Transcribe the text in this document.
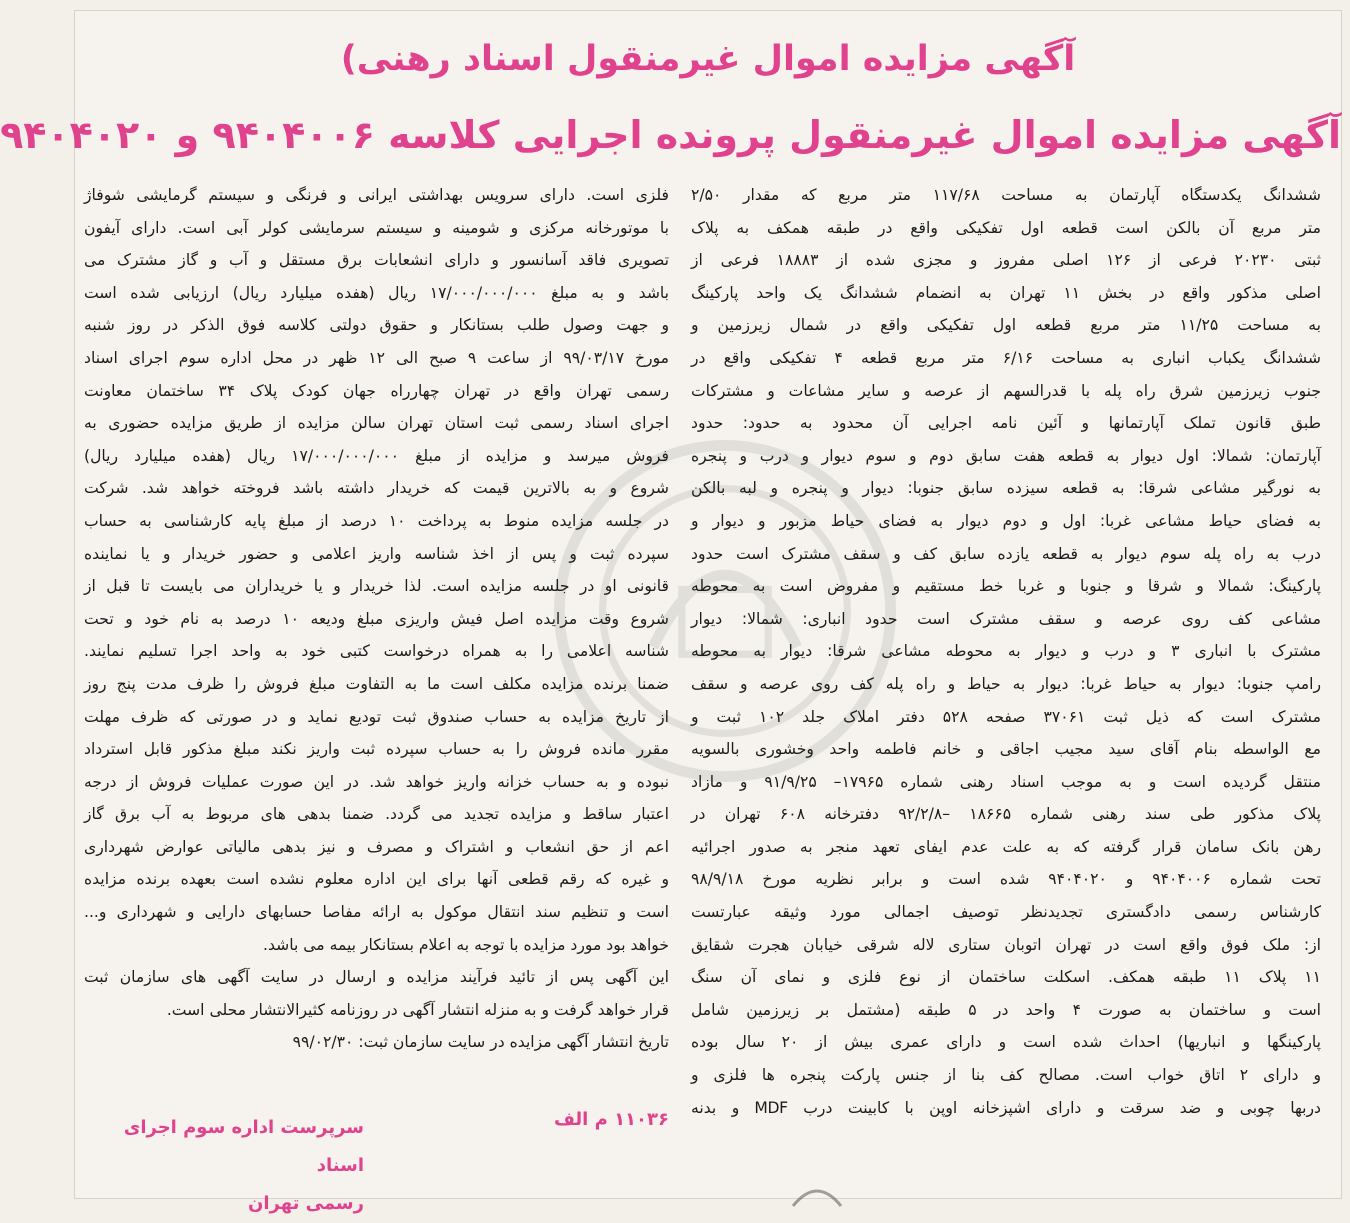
آگهی مزایده اموال غیرمنقول اسناد رهنی)
آگهی مزایده اموال غیرمنقول پرونده اجرایی کلاسه ۹۴۰۴۰۰۶ و ۹۴۰۴۰۲۰
ششدانگ یکدستگاه آپارتمان به مساحت ۱۱۷/۶۸ متر مربع که مقدار ۲/۵۰
متر مربع آن بالکن است قطعه اول تفکیکی واقع در طبقه همکف به پلاک
ثبتی ۲۰۲۳۰ فرعی از ۱۲۶ اصلی مفروز و مجزی شده از ۱۸۸۸۳ فرعی از
اصلی مذکور واقع در بخش ۱۱ تهران به انضمام ششدانگ یک واحد پارکینگ
به مساحت ۱۱/۲۵ متر مربع قطعه اول تفکیکی واقع در شمال زیرزمین و
ششدانگ یکباب انباری به مساحت ۶/۱۶ متر مربع قطعه ۴ تفکیکی واقع در
جنوب زیرزمین شرق راه پله با قدرالسهم از عرصه و سایر مشاعات و مشترکات
طبق قانون تملک آپارتمانها و آئین نامه اجرایی آن محدود به حدود: حدود
آپارتمان: شمالا: اول دیوار به قطعه هفت سابق دوم و سوم دیوار و درب و پنجره
به نورگیر مشاعی شرقا: به قطعه سیزده سابق جنوبا: دیوار و پنجره و لبه بالکن
به فضای حیاط مشاعی غربا: اول و دوم دیوار به فضای حیاط مزبور و دیوار و
درب به راه پله سوم دیوار به قطعه یازده سابق کف و سقف مشترک است حدود
پارکینگ: شمالا و شرقا و جنوبا و غربا خط مستقیم و مفروض است به محوطه
مشاعی کف روی عرصه و سقف مشترک است حدود انباری: شمالا: دیوار
مشترک با انباری ۳ و درب و دیوار به محوطه مشاعی شرقا: دیوار به محوطه
رامپ جنوبا: دیوار به حیاط غربا: دیوار به حیاط و راه پله کف روی عرصه و سقف
مشترک است که ذیل ثبت ۳۷۰۶۱ صفحه ۵۲۸ دفتر املاک جلد ۱۰۲ ثبت و
مع الواسطه بنام آقای سید مجیب اجاقی و خانم فاطمه واحد وخشوری بالسویه
منتقل گردیده است و به موجب اسناد رهنی شماره ۱۷۹۶۵– ۹۱/۹/۲۵ و مازاد
پلاک مذکور طی سند رهنی شماره ۱۸۶۶۵ –۹۲/۲/۸ دفترخانه ۶۰۸ تهران در
رهن بانک سامان قرار گرفته که به علت عدم ایفای تعهد منجر به صدور اجرائیه
تحت شماره ۹۴۰۴۰۰۶ و ۹۴۰۴۰۲۰ شده است و برابر نظریه مورخ ۹۸/۹/۱۸
کارشناس رسمی دادگستری تجدیدنظر توصیف اجمالی مورد وثیقه عبارتست
از: ملک فوق واقع است در تهران اتوبان ستاری لاله شرقی خیابان هجرت شقایق
۱۱ پلاک ۱۱ طبقه همکف. اسکلت ساختمان از نوع فلزی و نمای آن سنگ
است و ساختمان به صورت ۴ واحد در ۵ طبقه (مشتمل بر زیرزمین شامل
پارکینگها و انباریها) احداث شده است و دارای عمری بیش از ۲۰ سال بوده
و دارای ۲ اتاق خواب است. مصالح کف بنا از جنس پارکت پنجره ها فلزی و
دربها چوبی و ضد سرقت و دارای اشپزخانه اوپن با کابینت درب MDF و بدنه
فلزی است. دارای سرویس بهداشتی ایرانی و فرنگی و سیستم گرمایشی شوفاژ
با موتورخانه مرکزی و شومینه و سیستم سرمایشی کولر آبی است. دارای آیفون
تصویری فاقد آسانسور و دارای انشعابات برق مستقل و آب و گاز مشترک می
باشد و به مبلغ ۱۷/۰۰۰/۰۰۰/۰۰۰ ریال (هفده میلیارد ریال) ارزیابی شده است
و جهت وصول طلب بستانکار و حقوق دولتی کلاسه فوق الذکر در روز شنبه
مورخ ۹۹/۰۳/۱۷ از ساعت ۹ صبح الی ۱۲ ظهر در محل اداره سوم اجرای اسناد
رسمی تهران واقع در تهران چهارراه جهان کودک پلاک ۳۴ ساختمان معاونت
اجرای اسناد رسمی ثبت استان تهران سالن مزایده از طریق مزایده حضوری به
فروش میرسد و مزایده از مبلغ ۱۷/۰۰۰/۰۰۰/۰۰۰ ریال (هفده میلیارد ریال)
شروع و به بالاترین قیمت که خریدار داشته باشد فروخته خواهد شد. شرکت
در جلسه مزایده منوط به پرداخت ۱۰ درصد از مبلغ پایه کارشناسی به حساب
سپرده ثبت و پس از اخذ شناسه واریز اعلامی و حضور خریدار و یا نماینده
قانونی او در جلسه مزایده است. لذا خریدار و یا خریداران می بایست تا قبل از
شروع وقت مزایده اصل فیش واریزی مبلغ ودیعه ۱۰ درصد به نام خود و تحت
شناسه اعلامی را به همراه درخواست کتبی خود به واحد اجرا تسلیم نمایند.
ضمنا برنده مزایده مکلف است ما به التفاوت مبلغ فروش را ظرف مدت پنج روز
از تاریخ مزایده به حساب صندوق ثبت تودیع نماید و در صورتی که ظرف مهلت
مقرر مانده فروش را به حساب سپرده ثبت واریز نکند مبلغ مذکور قابل استرداد
نبوده و به حساب خزانه واریز خواهد شد. در این صورت عملیات فروش از درجه
اعتبار ساقط و مزایده تجدید می گردد. ضمنا بدهی های مربوط به آب برق گاز
اعم از حق انشعاب و اشتراک و مصرف و نیز بدهی مالیاتی عوارض شهرداری
و غیره که رقم قطعی آنها برای این اداره معلوم نشده است بعهده برنده مزایده
است و تنظیم سند انتقال موکول به ارائه مفاصا حسابهای دارایی و شهرداری و...
خواهد بود مورد مزایده با توجه به اعلام بستانکار بیمه می باشد.
این آگهی پس از تائید فرآیند مزایده و ارسال در سایت آگهی های سازمان ثبت
قرار خواهد گرفت و به منزله انتشار آگهی در روزنامه کثیرالانتشار محلی است.
تاریخ انتشار آگهی مزایده در سایت سازمان ثبت: ۹۹/۰۲/۳۰
۱۱۰۳۶ م الف
سرپرست اداره سوم اجرای اسناد
رسمی تهران
